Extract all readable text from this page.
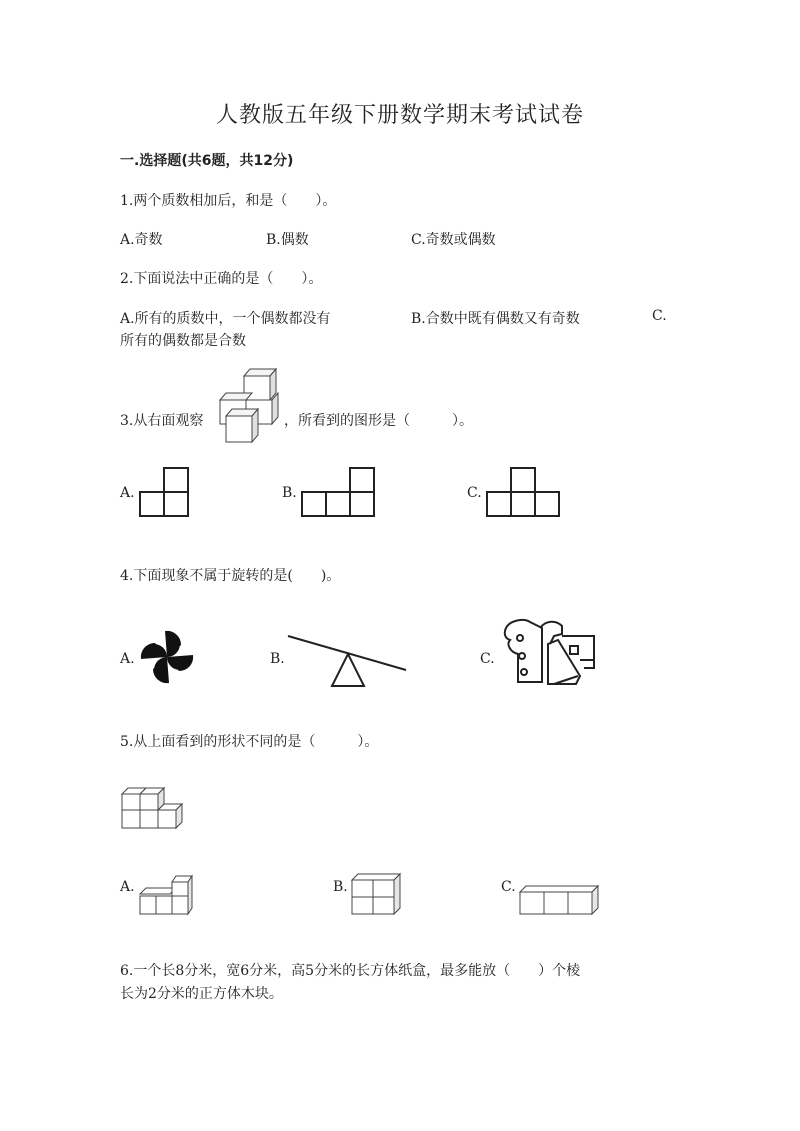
人教版五年级下册数学期末考试试卷
一.选择题(共6题，共12分)
1.两个质数相加后，和是（　　）。
A.奇数	B.偶数	C.奇数或偶数
2.下面说法中正确的是（　　）。
A.所有的质数中，一个偶数都没有	B.合数中既有偶数又有奇数	C.
所有的偶数都是合数
3.从右面观察	，所看到的图形是（　　　）。
A.	B.	C.
4.下面现象不属于旋转的是(　　)。
A.	B.	C.
5.从上面看到的形状不同的是（　　　）。
A.	B.	C.
6.一个长8分米，宽6分米，高5分米的长方体纸盒，最多能放（　　）个棱
长为2分米的正方体木块。
